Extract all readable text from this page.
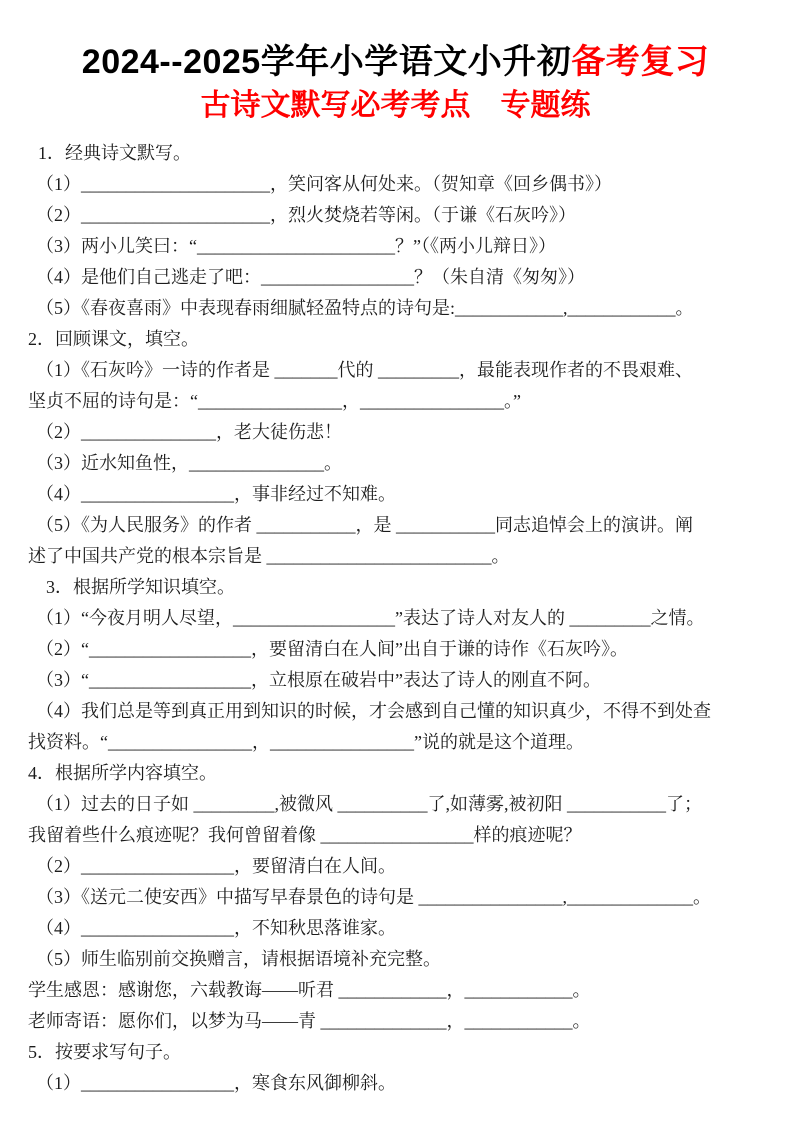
2024--2025学年小学语文小升初备考复习
古诗文默写必考考点　专题练
1．经典诗文默写。
（1）_____________________，笑问客从何处来。（贺知章《回乡偶书》）
（2）_____________________，烈火焚烧若等闲。（于谦《石灰吟》）
（3）两小儿笑曰：“______________________？”（《两小儿辩日》）
（4）是他们自己逃走了吧：_________________？（朱自清《匆匆》）
（5）《春夜喜雨》中表现春雨细腻轻盈特点的诗句是:____________,____________。
2．回顾课文，填空。
（1）《石灰吟》一诗的作者是 _______代的 _________，最能表现作者的不畏艰难、
坚贞不屈的诗句是：“________________，________________。”
（2）_______________，老大徒伤悲！
（3）近水知鱼性，_______________。
（4）_________________，事非经过不知难。
（5）《为人民服务》的作者 ___________，是 ___________同志追悼会上的演讲。阐
述了中国共产党的根本宗旨是 _________________________。
3．根据所学知识填空。
（1）“今夜月明人尽望，__________________”表达了诗人对友人的 _________之情。
（2）“__________________，要留清白在人间”出自于谦的诗作《石灰吟》。
（3）“__________________，立根原在破岩中”表达了诗人的刚直不阿。
（4）我们总是等到真正用到知识的时候，才会感到自己懂的知识真少，不得不到处查
找资料。“________________，________________”说的就是这个道理。
4．根据所学内容填空。
（1）过去的日子如 _________,被微风 __________了,如薄雾,被初阳 ___________了；
我留着些什么痕迹呢？我何曾留着像 _________________样的痕迹呢？
（2）_________________，要留清白在人间。
（3）《送元二使安西》中描写早春景色的诗句是 ________________,______________。
（4）_________________，不知秋思落谁家。
（5）师生临别前交换赠言，请根据语境补充完整。
学生感恩：感谢您，六载教诲——听君 ____________，____________。
老师寄语：愿你们，以梦为马——青 ______________，____________。
5．按要求写句子。
（1）_________________，寒食东风御柳斜。
